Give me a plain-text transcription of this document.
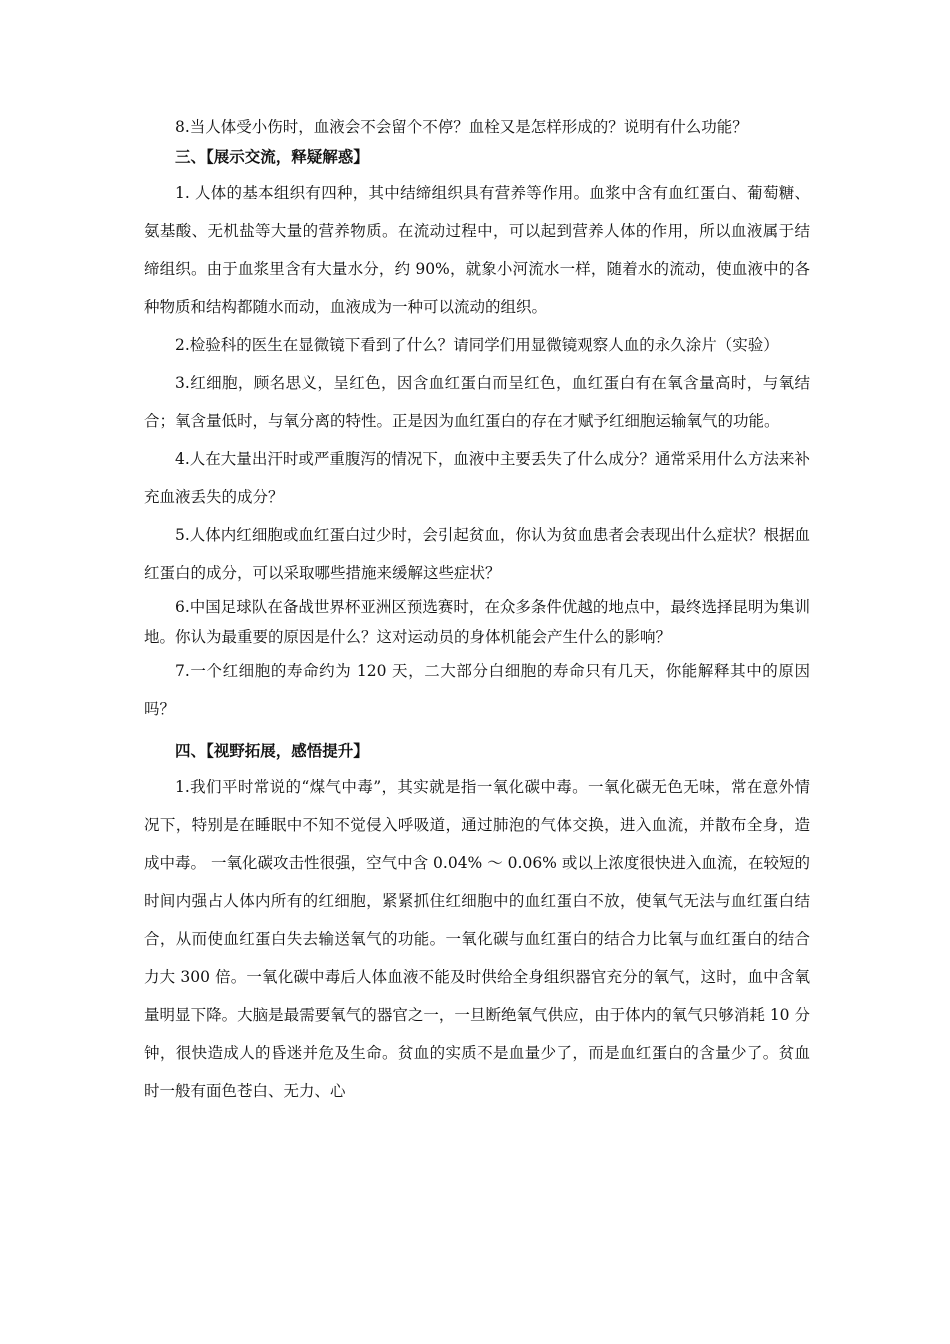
8.当人体受小伤时，血液会不会留个不停？血栓又是怎样形成的？说明有什么功能？

三、【展示交流，释疑解惑】

1. 人体的基本组织有四种，其中结缔组织具有营养等作用。血浆中含有血红蛋白、葡萄糖、氨基酸、无机盐等大量的营养物质。在流动过程中，可以起到营养人体的作用，所以血液属于结缔组织。由于血浆里含有大量水分，约 90%，就象小河流水一样，随着水的流动，使血液中的各种物质和结构都随水而动，血液成为一种可以流动的组织。

2.检验科的医生在显微镜下看到了什么？请同学们用显微镜观察人血的永久涂片（实验）

3.红细胞，顾名思义，呈红色，因含血红蛋白而呈红色，血红蛋白有在氧含量高时，与氧结合；氧含量低时，与氧分离的特性。正是因为血红蛋白的存在才赋予红细胞运输氧气的功能。

4.人在大量出汗时或严重腹泻的情况下，血液中主要丢失了什么成分？通常采用什么方法来补充血液丢失的成分？

5.人体内红细胞或血红蛋白过少时，会引起贫血，你认为贫血患者会表现出什么症状？根据血红蛋白的成分，可以采取哪些措施来缓解这些症状？

6.中国足球队在备战世界杯亚洲区预选赛时，在众多条件优越的地点中，最终选择昆明为集训地。你认为最重要的原因是什么？这对运动员的身体机能会产生什么的影响？

7.一个红细胞的寿命约为 120 天，二大部分白细胞的寿命只有几天，你能解释其中的原因吗？

四、【视野拓展，感悟提升】

1.我们平时常说的“煤气中毒”，其实就是指一氧化碳中毒。一氧化碳无色无味，常在意外情况下，特别是在睡眠中不知不觉侵入呼吸道，通过肺泡的气体交换，进入血流，并散布全身，造成中毒。 一氧化碳攻击性很强，空气中含 0.04% ～ 0.06% 或以上浓度很快进入血流，在较短的时间内强占人体内所有的红细胞，紧紧抓住红细胞中的血红蛋白不放，使氧气无法与血红蛋白结合，从而使血红蛋白失去输送氧气的功能。一氧化碳与血红蛋白的结合力比氧与血红蛋白的结合力大 300 倍。一氧化碳中毒后人体血液不能及时供给全身组织器官充分的氧气，这时，血中含氧量明显下降。大脑是最需要氧气的器官之一，一旦断绝氧气供应，由于体内的氧气只够消耗 10 分钟，很快造成人的昏迷并危及生命。贫血的实质不是血量少了，而是血红蛋白的含量少了。贫血时一般有面色苍白、无力、心
